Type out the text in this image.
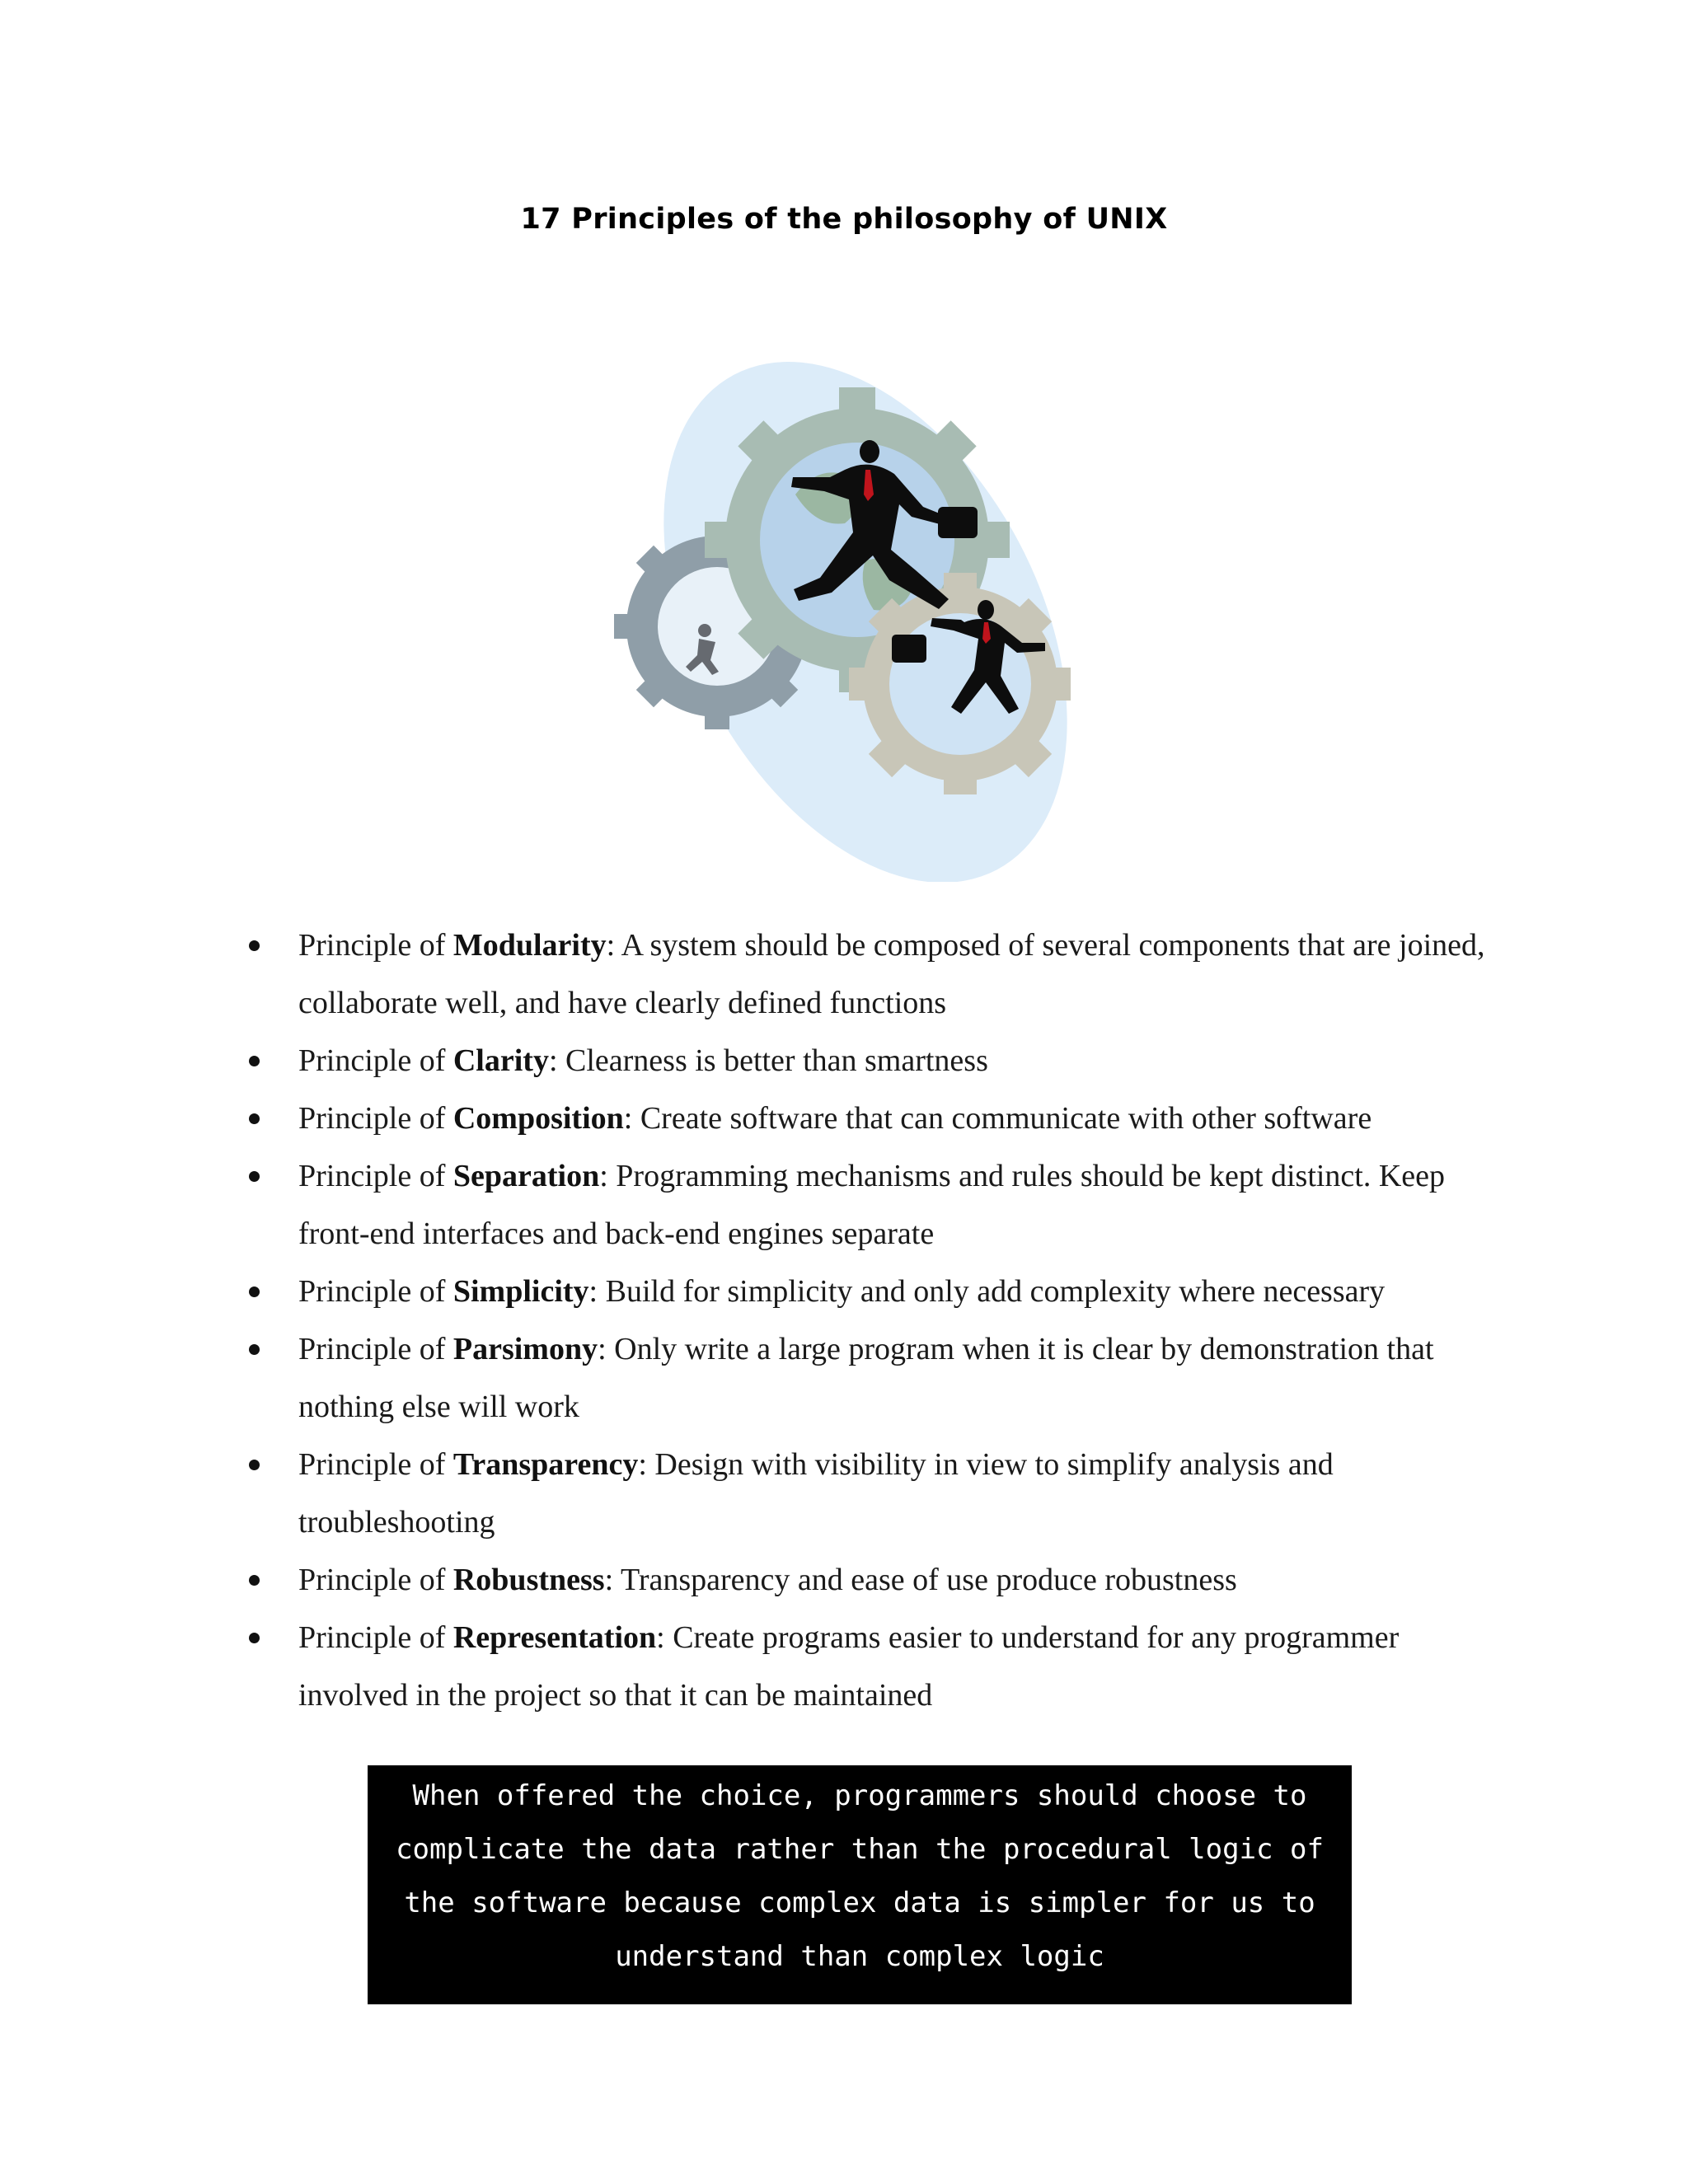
17 Principles of the philosophy of UNIX
Principle of Modularity: A system should be composed of several components that are joined, collaborate well, and have clearly defined functions
Principle of Clarity: Clearness is better than smartness
Principle of Composition: Create software that can communicate with other software
Principle of Separation: Programming mechanisms and rules should be kept distinct. Keep front-end interfaces and back-end engines separate
Principle of Simplicity: Build for simplicity and only add complexity where necessary
Principle of Parsimony: Only write a large program when it is clear by demonstration that nothing else will work
Principle of Transparency: Design with visibility in view to simplify analysis and troubleshooting
Principle of Robustness: Transparency and ease of use produce robustness
Principle of Representation: Create programs easier to understand for any programmer involved in the project so that it can be maintained
When offered the choice, programmers should choose to complicate the data rather than the procedural logic of the software because complex data is simpler for us to understand than complex logic
